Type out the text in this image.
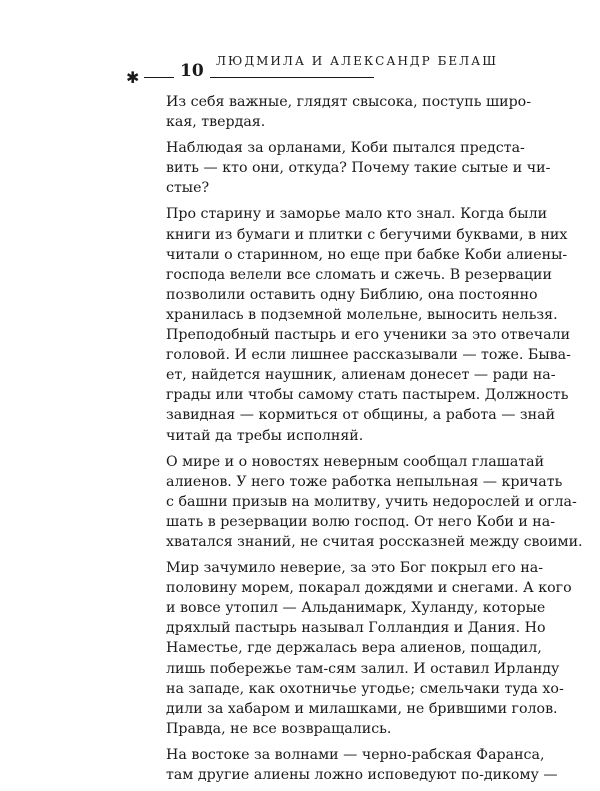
✱	10	ЛЮДМИЛА И АЛЕКСАНДР БЕЛАШ

Из себя важные, глядят свысока, поступь широ-
кая, твердая.

Наблюдая за орланами, Коби пытался предста-
вить — кто они, откуда? Почему такие сытые и чи-
стые?

Про старину и заморье мало кто знал. Когда были
книги из бумаги и плитки с бегучими буквами, в них
читали о старинном, но еще при бабке Коби алиены-
господа велели все сломать и сжечь. В резервации
позволили оставить одну Библию, она постоянно
хранилась в подземной молельне, выносить нельзя.
Преподобный пастырь и его ученики за это отвечали
головой. И если лишнее рассказывали — тоже. Быва-
ет, найдется наушник, алиенам донесет — ради на-
грады или чтобы самому стать пастырем. Должность
завидная — кормиться от общины, а работа — знай
читай да требы исполняй.

О мире и о новостях неверным сообщал глашатай
алиенов. У него тоже работка непыльная — кричать
с башни призыв на молитву, учить недорослей и огла-
шать в резервации волю господ. От него Коби и на-
хватался знаний, не считая россказней между своими.

Мир зачумило неверие, за это Бог покрыл его на-
половину морем, покарал дождями и снегами. А кого
и вовсе утопил — Альданимарк, Хуланду, которые
дряхлый пастырь называл Голландия и Дания. Но
Наместье, где держалась вера алиенов, пощадил,
лишь побережье там-сям залил. И оставил Ирланду
на западе, как охотничье угодье; смельчаки туда хо-
дили за хабаром и милашками, не брившими голов.
Правда, не все возвращались.

На востоке за волнами — черно-рабская Фаранса,
там другие алиены ложно исповедуют по-дикому —
